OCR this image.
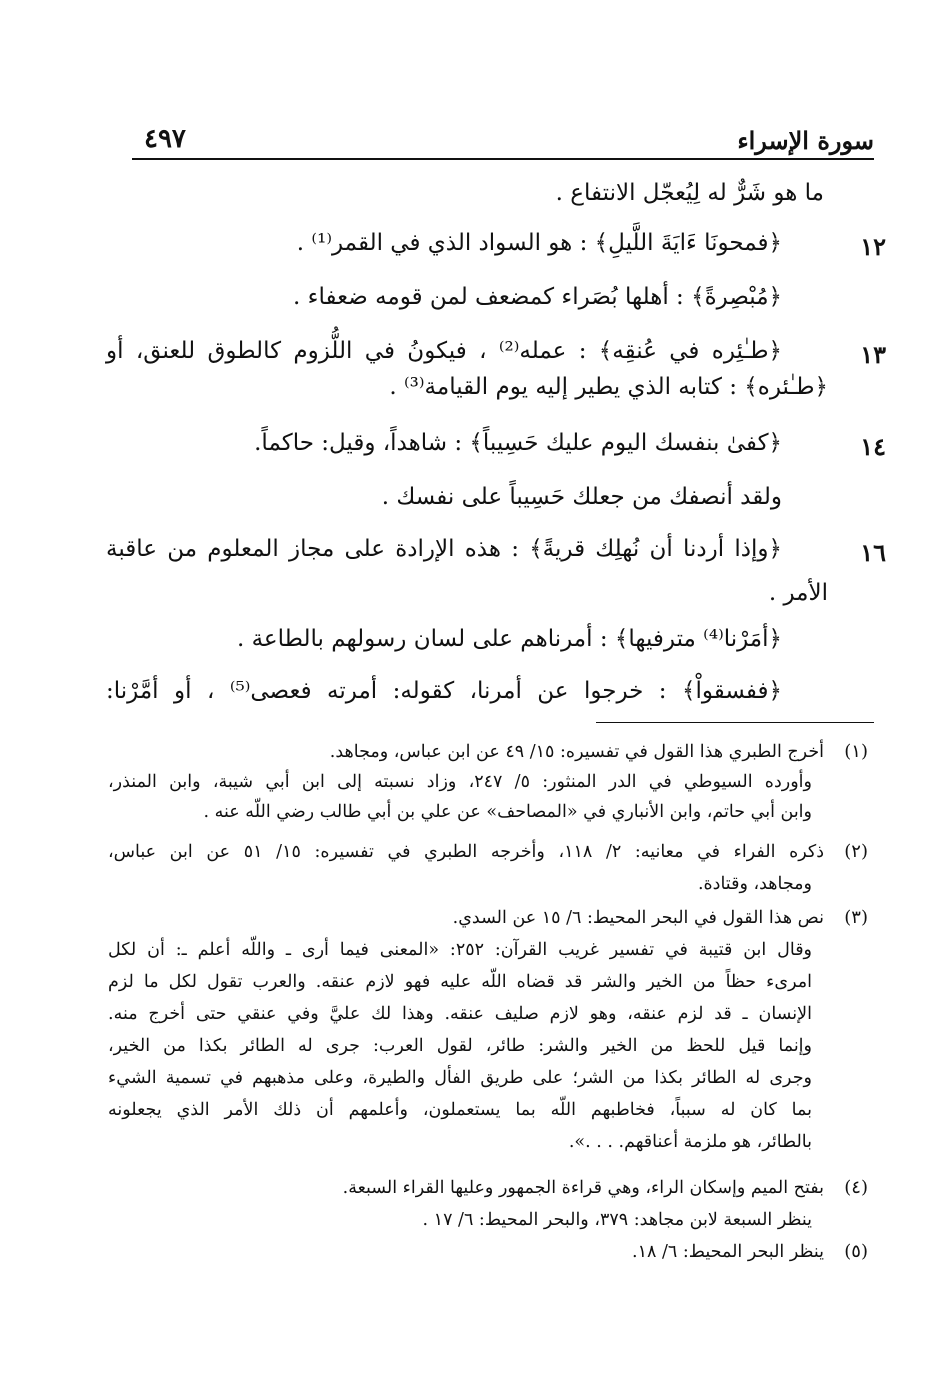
سورة الإسراء
٤٩٧
ما هو شَرٌّ له لِيُعجّل الانتفاع .
١٢
﴿فمحونَا ءَايَةَ اللَّيلِ﴾ : هو السواد الذي في القمر⁽¹⁾ .
﴿مُبْصِرةً﴾ : أهلها بُصَراء كمضعف لمن قومه ضعفاء .
١٣
﴿طـٰئِره في عُنقِه﴾ : عمله⁽²⁾ ، فيكونُ في اللُّزوم كالطوق للعنق، أو
﴿طـٰئره﴾ : كتابه الذي يطير إليه يوم القيامة⁽³⁾ .
١٤
﴿كفىٰ بنفسك اليوم عليك حَسِيباً﴾ : شاهداً، وقيل: حاكماً.
ولقد أنصفك من جعلك حَسِيباً على نفسك .
١٦
﴿وإذا أردنا أن نُهلِك قريةً﴾ : هذه الإرادة على مجاز المعلوم من عاقبة
الأمر .
﴿أمَرْنا⁽⁴⁾ مترفيها﴾ : أمرناهم على لسان رسولهم بالطاعة .
﴿ففسقواْ﴾ : خرجوا عن أمرنا، كقوله: أمرته فعصى⁽⁵⁾ ، أو أمَّرْنا:
(١)
أخرج الطبري هذا القول في تفسيره: ١٥/ ٤٩ عن ابن عباس، ومجاهد.
وأورده السيوطي في الدر المنثور: ٥/ ٢٤٧، وزاد نسبته إلى ابن أبي شيبة، وابن المنذر،
وابن أبي حاتم، وابن الأنباري في «المصاحف» عن علي بن أبي طالب رضي اللّه عنه .
(٢)
ذكره الفراء في معانيه: ٢/ ١١٨، وأخرجه الطبري في تفسيره: ١٥/ ٥١ عن ابن عباس،
ومجاهد، وقتادة.
(٣)
نص هذا القول في البحر المحيط: ٦/ ١٥ عن السدي.
وقال ابن قتيبة في تفسير غريب القرآن: ٢٥٢: «المعنى فيما أرى ـ واللّه أعلم ـ: أن لكل
امرىء حظاً من الخير والشر قد قضاه اللّه عليه فهو لازم عنقه. والعرب تقول لكل ما لزم
الإنسان ـ قد لزم عنقه، وهو لازم صليف عنقه. وهذا لك عليَّ وفي عنقي حتى أخرج منه.
وإنما قيل للحظ من الخير والشر: طائر، لقول العرب: جرى له الطائر بكذا من الخير،
وجرى له الطائر بكذا من الشر؛ على طريق الفأل والطيرة، وعلى مذهبهم في تسمية الشيء
بما كان له سبباً، فخاطبهم اللّه بما يستعملون، وأعلمهم أن ذلك الأمر الذي يجعلونه
بالطائر، هو ملزمة أعناقهم. . . .».
(٤)
بفتح الميم وإسكان الراء، وهي قراءة الجمهور وعليها القراء السبعة.
ينظر السبعة لابن مجاهد: ٣٧٩، والبحر المحيط: ٦/ ١٧ .
(٥)
ينظر البحر المحيط: ٦/ ١٨.
